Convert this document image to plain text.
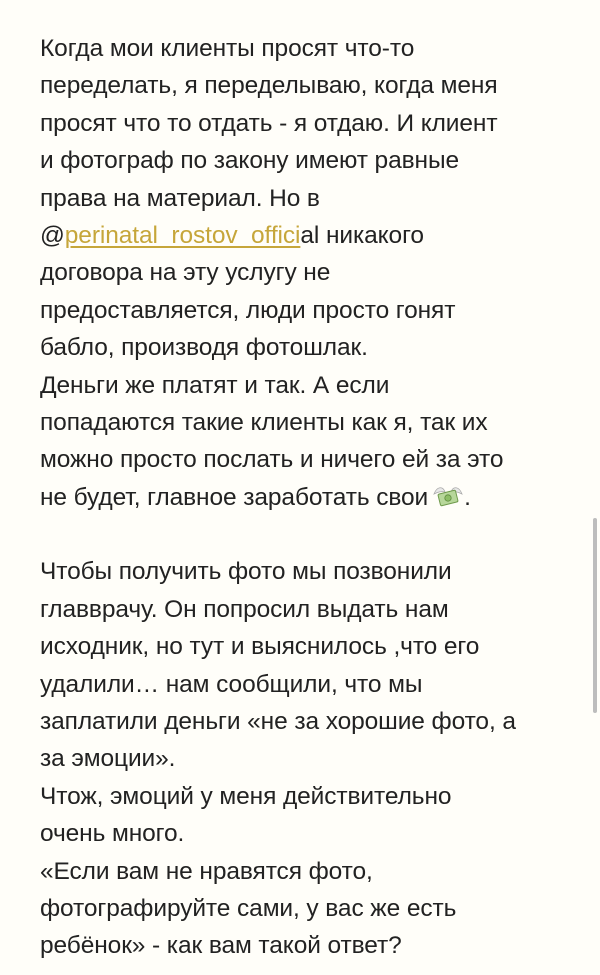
Когда мои клиенты просят что-то
переделать, я переделываю, когда меня
просят что то отдать - я отдаю. И клиент
и фотограф по закону имеют равные
права на материал. Но в
@perinatal_rostov_official никакого
договора на эту услугу не
предоставляется, люди просто гонят
бабло, производя фотошлак.
Деньги же платят и так. А если
попадаются такие клиенты как я, так их
можно просто послать и ничего ей за это
не будет, главное заработать свои .
Чтобы получить фото мы позвонили
главврачу. Он попросил выдать нам
исходник, но тут и выяснилось ,что его
удалили… нам сообщили, что мы
заплатили деньги «не за хорошие фото, а
за эмоции».
Чтож, эмоций у меня действительно
очень много.
«Если вам не нравятся фото,
фотографируйте сами, у вас же есть
ребёнок» - как вам такой ответ?
